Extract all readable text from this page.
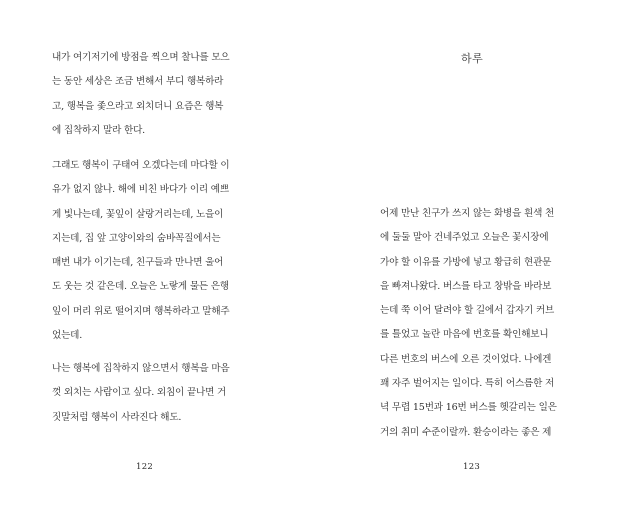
내가 여기저기에 방점을 찍으며 찰나를 모으
는 동안 세상은 조금 변해서 부디 행복하라
고, 행복을 좇으라고 외치더니 요즘은 행복
에 집착하지 말라 한다.
그래도 행복이 구태여 오겠다는데 마다할 이
유가 없지 않나. 해에 비친 바다가 이리 예쁘
게 빛나는데, 꽃잎이 살랑거리는데, 노을이
지는데, 집 앞 고양이와의 숨바꼭질에서는
매번 내가 이기는데, 친구들과 만나면 울어
도 웃는 것 같은데. 오늘은 노랗게 물든 은행
잎이 머리 위로 떨어지며 행복하라고 말해주
었는데.
나는 행복에 집착하지 않으면서 행복을 마음
껏 외치는 사람이고 싶다. 외침이 끝나면 거
짓말처럼 행복이 사라진다 해도.
122
하루
어제 만난 친구가 쓰지 않는 화병을 흰색 천
에 둘둘 말아 건네주었고 오늘은 꽃시장에
가야 할 이유를 가방에 넣고 황급히 현관문
을 빠져나왔다. 버스를 타고 창밖을 바라보
는데 쭉 이어 달려야 할 길에서 갑자기 커브
를 틀었고 놀란 마음에 번호를 확인해보니
다른 번호의 버스에 오른 것이었다. 나에겐
꽤 자주 벌어지는 일이다. 특히 어스름한 저
녁 무렵 15번과 16번 버스를 헷갈리는 일은
거의 취미 수준이랄까. 환승이라는 좋은 제
123
